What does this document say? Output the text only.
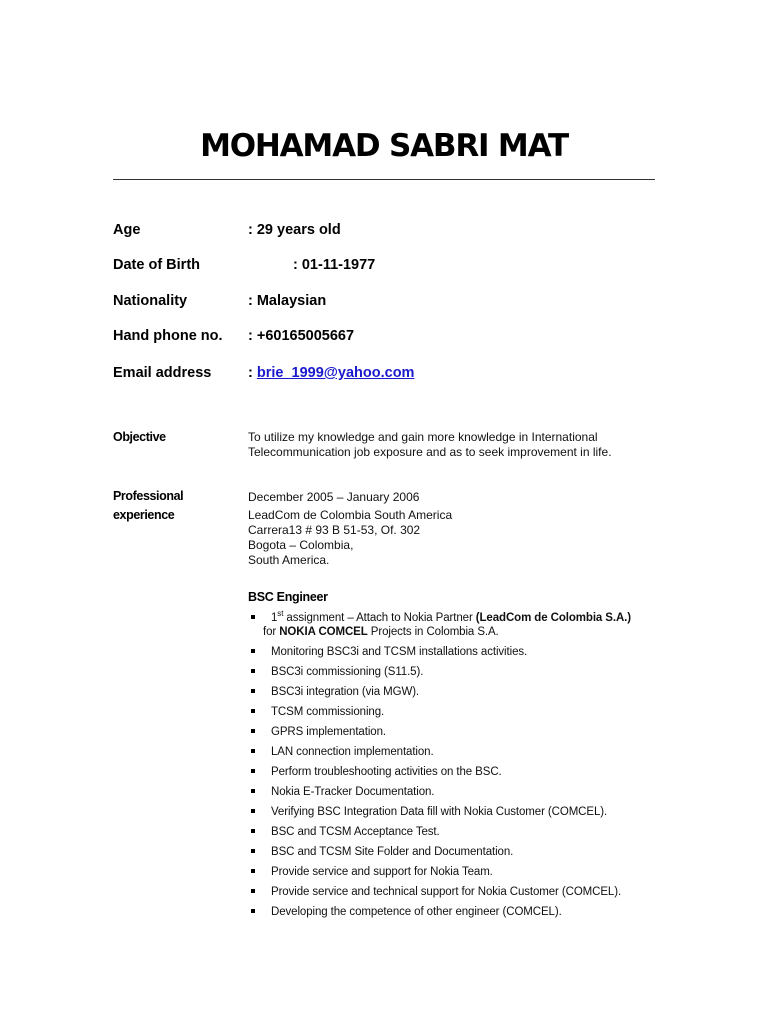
MOHAMAD SABRI MAT
Age	: 29 years old
Date of Birth	: 01-11-1977
Nationality	: Malaysian
Hand phone no. : +60165005667
Email address	: brie_1999@yahoo.com
Objective	To utilize my knowledge and gain more knowledge in International
Telecommunication job exposure and as to seek improvement in life.
Professional
experience
December 2005 – January 2006
LeadCom de Colombia South America
Carrera13 # 93 B 51-53, Of. 302
Bogota – Colombia,
South America.
BSC Engineer
1st assignment – Attach to Nokia Partner (LeadCom de Colombia S.A.)
for NOKIA COMCEL Projects in Colombia S.A.
Monitoring BSC3i and TCSM installations activities.
BSC3i commissioning (S11.5).
BSC3i integration (via MGW).
TCSM commissioning.
GPRS implementation.
LAN connection implementation.
Perform troubleshooting activities on the BSC.
Nokia E-Tracker Documentation.
Verifying BSC Integration Data fill with Nokia Customer (COMCEL).
BSC and TCSM Acceptance Test.
BSC and TCSM Site Folder and Documentation.
Provide service and support for Nokia Team.
Provide service and technical support for Nokia Customer (COMCEL).
Developing the competence of other engineer (COMCEL).
